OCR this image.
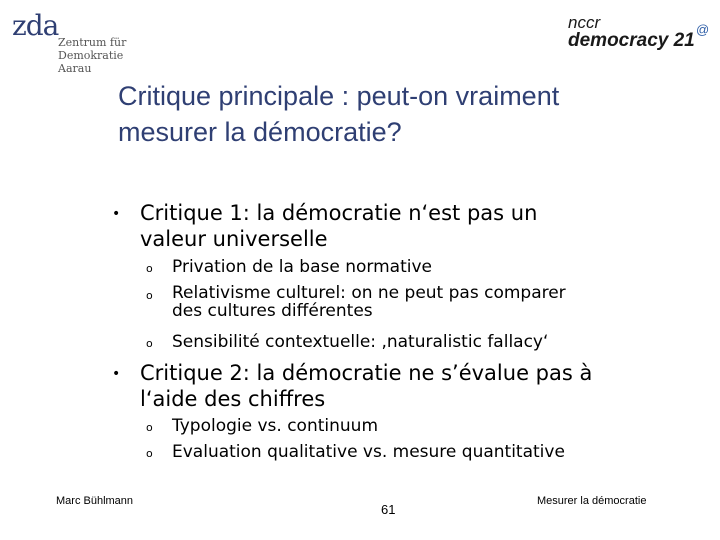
zda
Zentrum für
Demokratie
Aarau
nccr
democracy 21
@
Critique principale : peut-on vraiment
mesurer la démocratie?
• Critique 1: la démocratie n‘est pas un
valeur universelle
o Privation de la base normative
o Relativisme culturel: on ne peut pas comparer
des cultures différentes
o Sensibilité contextuelle: ‚naturalistic fallacy‘
• Critique 2: la démocratie ne s’évalue pas à
l‘aide des chiffres
o Typologie vs. continuum
o Evaluation qualitative vs. mesure quantitative
Marc Bühlmann
61
Mesurer la démocratie
